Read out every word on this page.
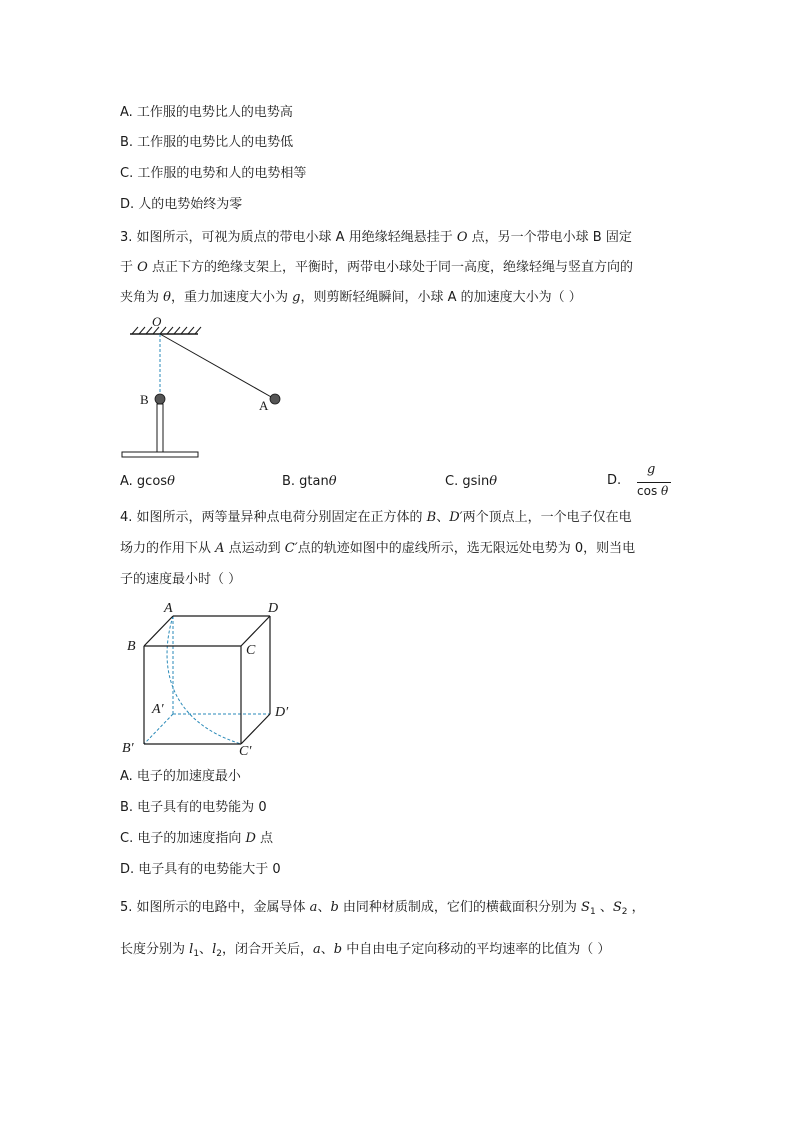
A. 工作服的电势比人的电势高
B. 工作服的电势比人的电势低
C. 工作服的电势和人的电势相等
D. 人的电势始终为零
3. 如图所示，可视为质点的带电小球 A 用绝缘轻绳悬挂于 O 点，另一个带电小球 B 固定
于 O 点正下方的绝缘支架上，平衡时，两带电小球处于同一高度，绝缘轻绳与竖直方向的
夹角为 θ，重力加速度大小为 g，则剪断轻绳瞬间，小球 A 的加速度大小为（ ）
O
A
B
A. gcosθ	B. gtanθ	C. gsinθ	D.
g
cos θ
4. 如图所示，两等量异种点电荷分别固定在正方体的 B、D′两个顶点上，一个电子仅在电
场力的作用下从 A 点运动到 C′点的轨迹如图中的虚线所示，选无限远处电势为 0，则当电
子的速度最小时（ ）
A	D
B	C
A′	D′
B′	C′
A. 电子的加速度最小
B. 电子具有的电势能为 0
C. 电子的加速度指向 D 点
D. 电子具有的电势能大于 0
5. 如图所示的电路中，金属导体 a、b 由同种材质制成，它们的横截面积分别为 $S_1$ 、$S_2$ ，
长度分别为 $l_1$、$l_2$，闭合开关后，a、b 中自由电子定向移动的平均速率的比值为（ ）
